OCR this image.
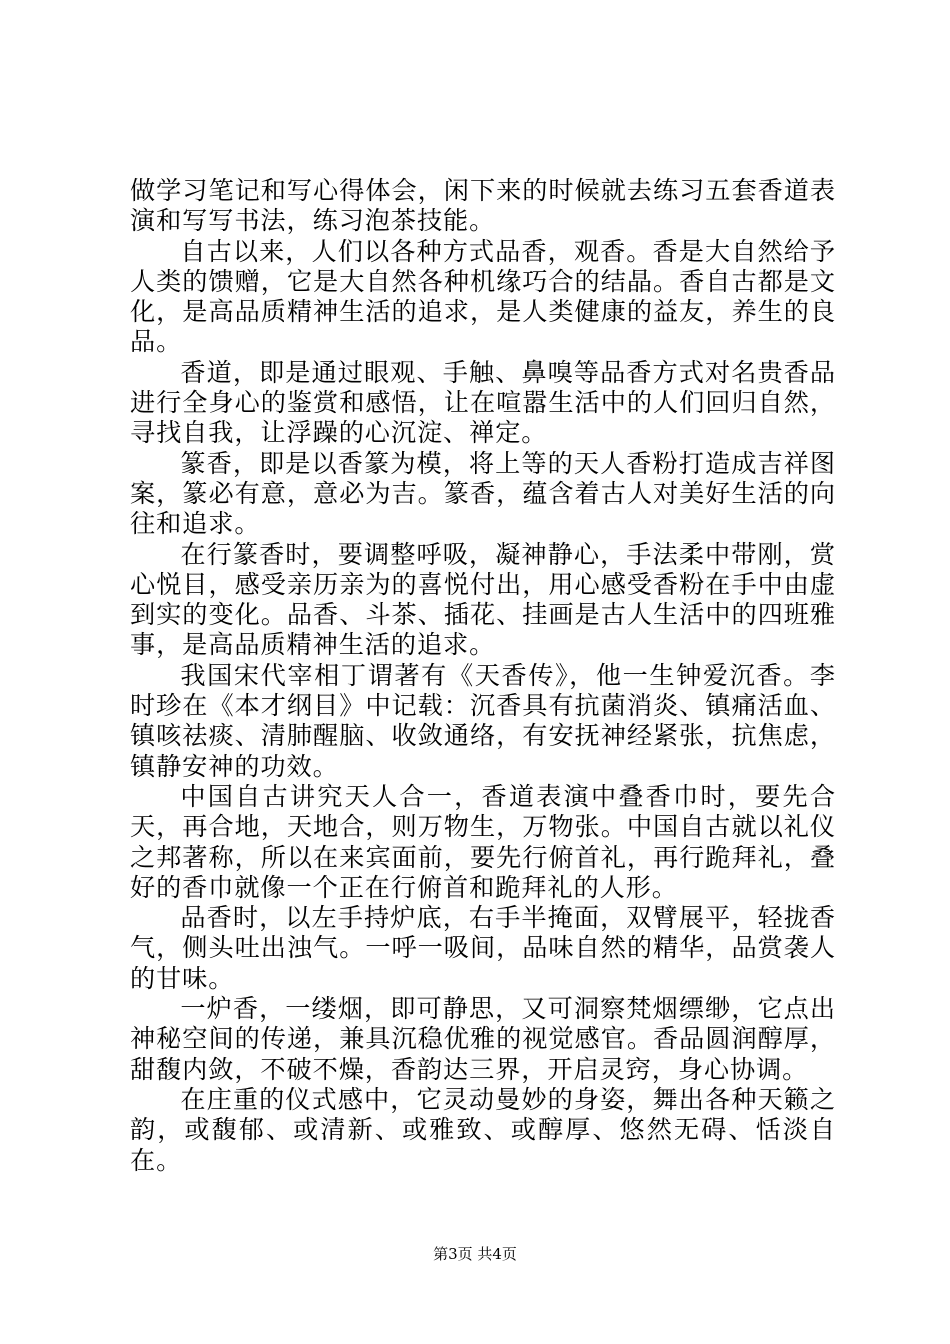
做学习笔记和写心得体会，闲下来的时候就去练习五套香道表演和写写书法，练习泡茶技能。

自古以来，人们以各种方式品香，观香。香是大自然给予人类的馈赠，它是大自然各种机缘巧合的结晶。香自古都是文化，是高品质精神生活的追求，是人类健康的益友，养生的良品。

香道，即是通过眼观、手触、鼻嗅等品香方式对名贵香品进行全身心的鉴赏和感悟，让在喧嚣生活中的人们回归自然，寻找自我，让浮躁的心沉淀、禅定。

篆香，即是以香篆为模，将上等的天人香粉打造成吉祥图案，篆必有意，意必为吉。篆香，蕴含着古人对美好生活的向往和追求。

在行篆香时，要调整呼吸，凝神静心，手法柔中带刚，赏心悦目，感受亲历亲为的喜悦付出，用心感受香粉在手中由虚到实的变化。品香、斗茶、插花、挂画是古人生活中的四班雅事，是高品质精神生活的追求。

我国宋代宰相丁谓著有《天香传》，他一生钟爱沉香。李时珍在《本才纲目》中记载：沉香具有抗菌消炎、镇痛活血、镇咳祛痰、清肺醒脑、收敛通络，有安抚神经紧张，抗焦虑，镇静安神的功效。

中国自古讲究天人合一，香道表演中叠香巾时，要先合天，再合地，天地合，则万物生，万物张。中国自古就以礼仪之邦著称，所以在来宾面前，要先行俯首礼，再行跪拜礼，叠好的香巾就像一个正在行俯首和跪拜礼的人形。

品香时，以左手持炉底，右手半掩面，双臂展平，轻拢香气，侧头吐出浊气。一呼一吸间，品味自然的精华，品赏袭人的甘味。

一炉香，一缕烟，即可静思，又可洞察梵烟缥缈，它点出神秘空间的传递，兼具沉稳优雅的视觉感官。香品圆润醇厚，甜馥内敛，不破不燥，香韵达三界，开启灵窍，身心协调。

在庄重的仪式感中，它灵动曼妙的身姿，舞出各种天籁之韵，或馥郁、或清新、或雅致、或醇厚、悠然无碍、恬淡自在。

第3页 共4页
